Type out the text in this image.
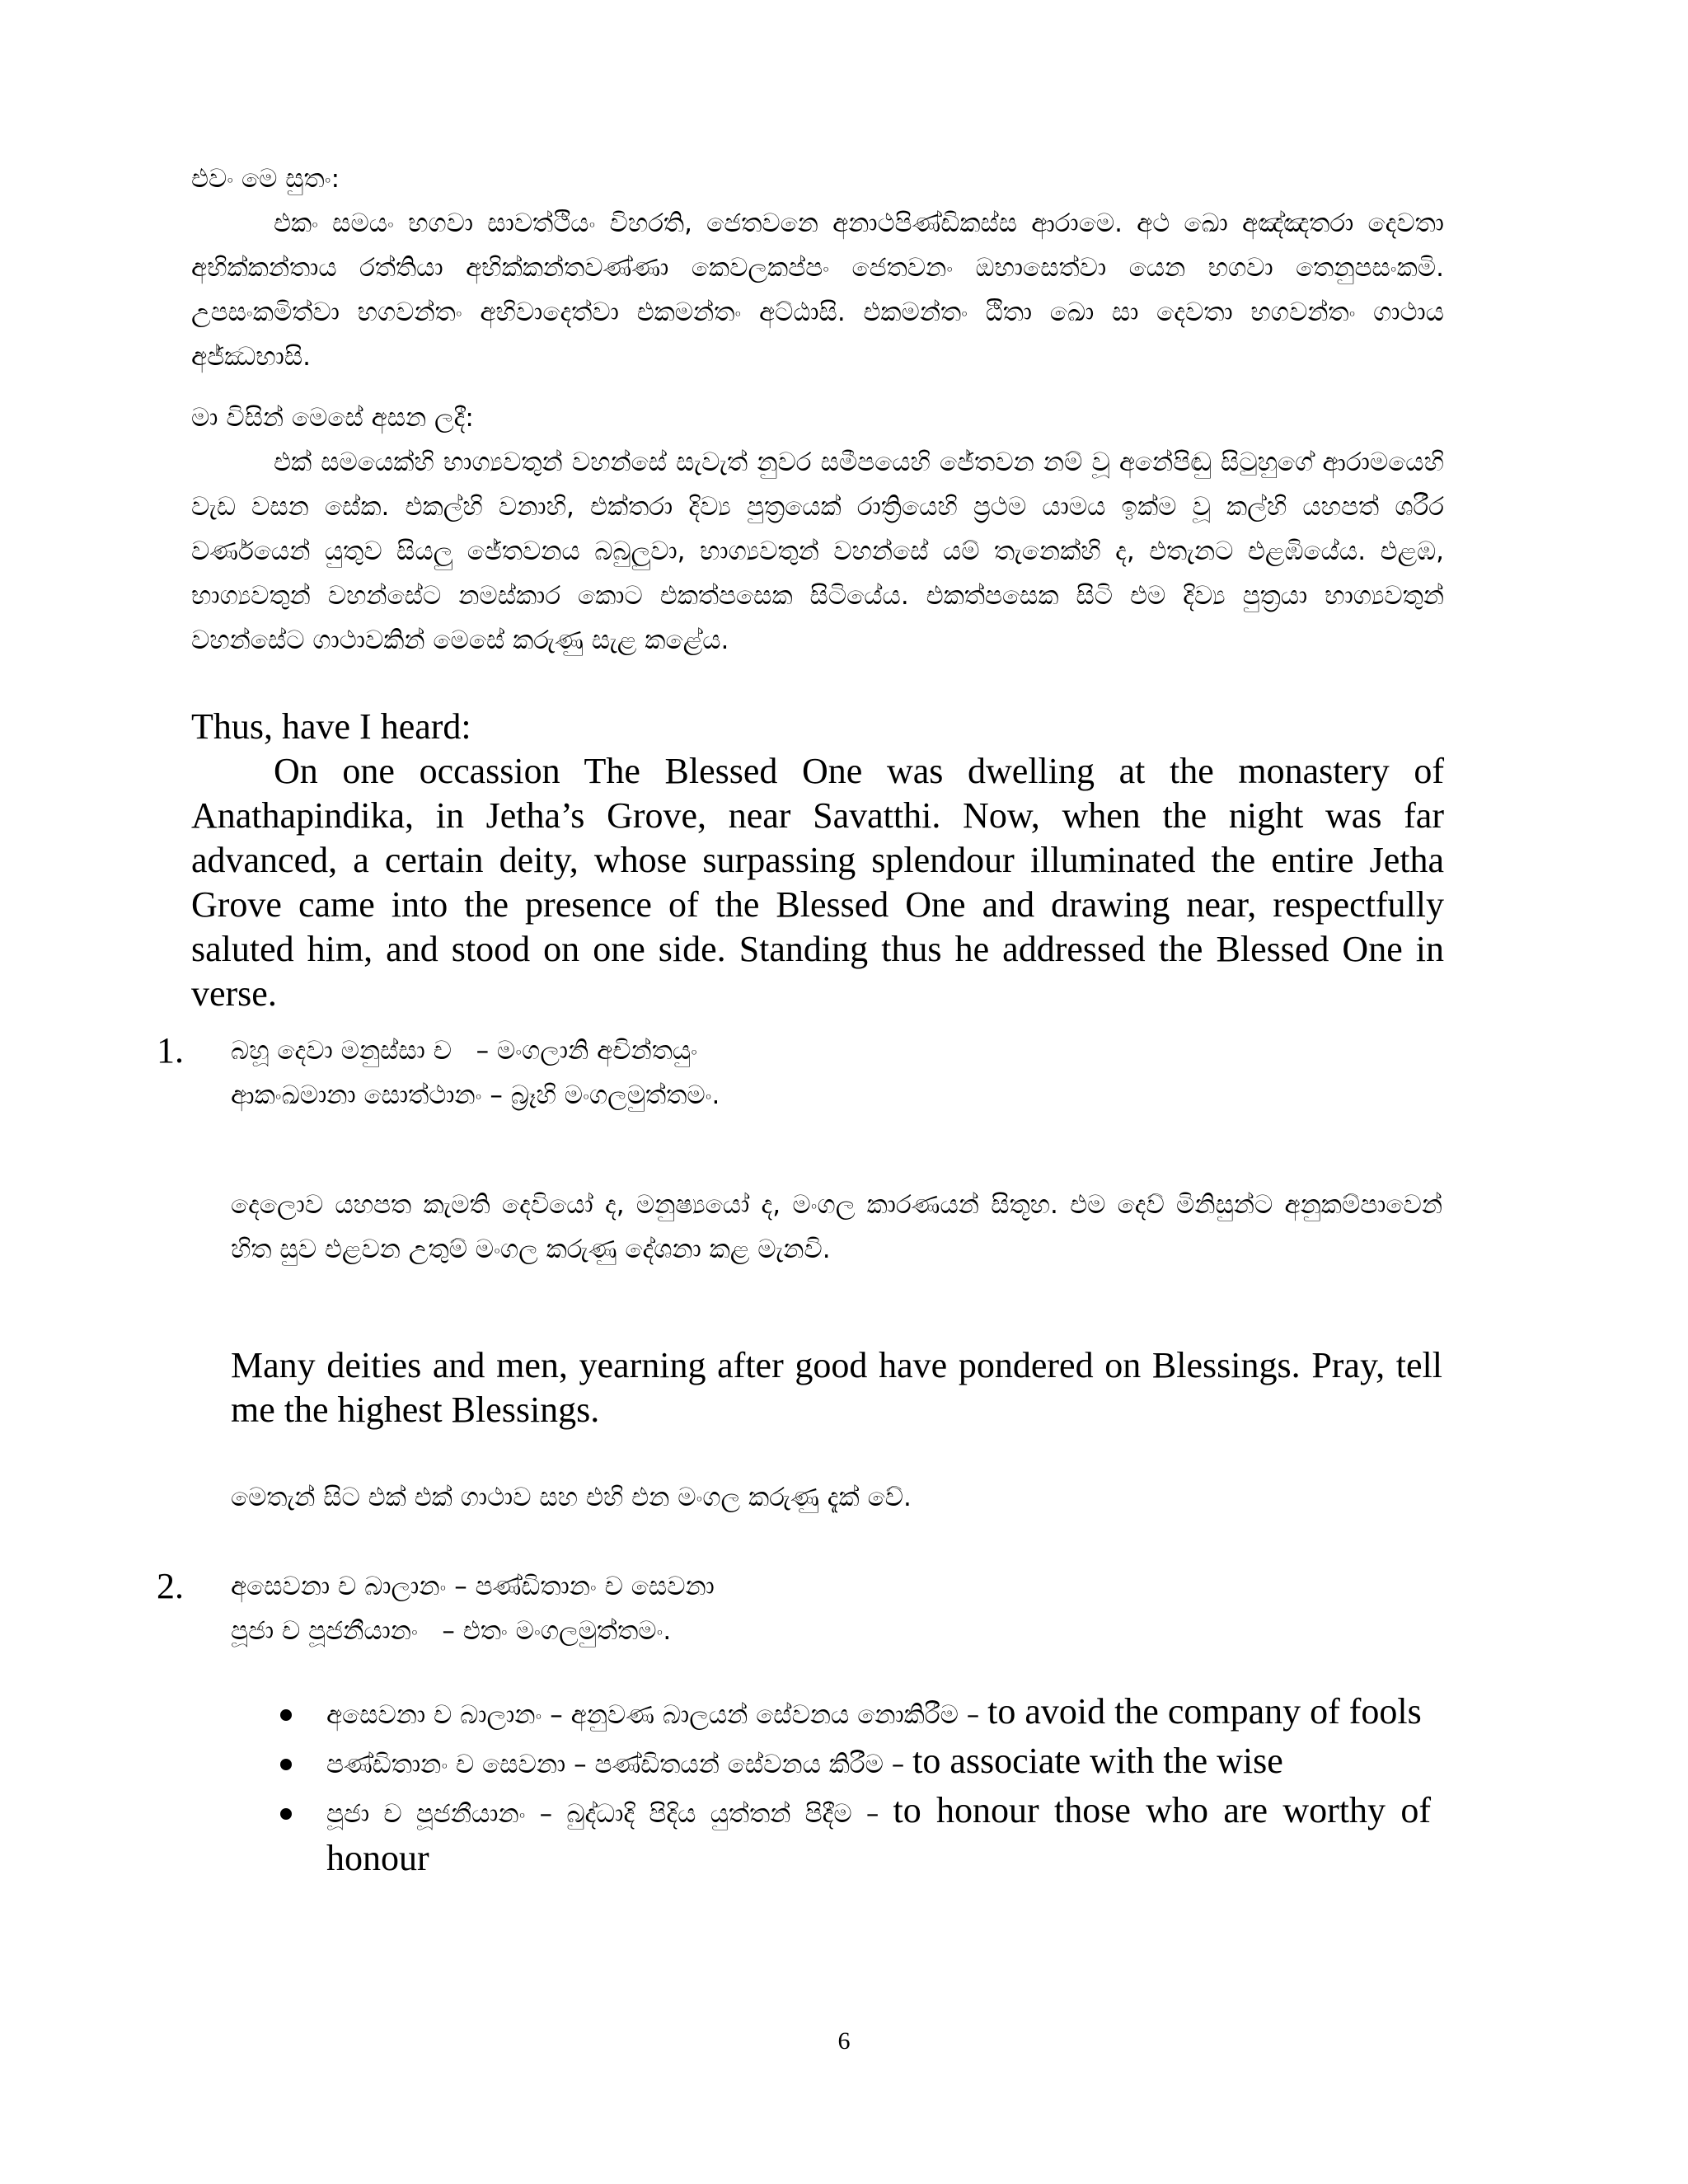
එවං මෙ සුතං:

එකං සමයං භගවා සාවත්ථියං විහරති, ජෙතවනෙ අනාථපිණ්ඩිකස්ස ආරාමෙ. අථ ඛො අඤ්ඤතරා දෙවතා අභික්කන්තාය රත්තියා අභික්කන්තවණ්ණා කෙවලකප්පං ජෙතවනං ඔභාසෙත්වා යෙන භගවා තෙනුපසංකමි. උපසංකමිත්වා භගවන්තං අභිවාදෙත්වා එකමන්තං අට්ඨාසි. එකමන්තං ඨිතා ඛො සා දෙවතා භගවන්තං ගාථාය අජ්ඣභාසි.

මා විසින් මෙසේ අසන ලදී:

එක් සමයෙක්හි භාග්‍යවතුන් වහන්සේ සැවැත් නුවර සමීපයෙහි ජේතවන නම් වූ අනේපිඬු සිටුහුගේ ආරාමයෙහි වැඩ වසන සේක. එකල්හි වනාහි, එක්තරා දිව්‍ය පුත්‍රයෙක් රාත්‍රියෙහි ප්‍රථම යාමය ඉක්ම වූ කල්හි යහපත් ශරීර වර්ණයෙන් යුතුව සියලු ජේතවනය බබුලුවා, භාග්‍යවතුන් වහන්සේ යම් තැනෙක්හි ද, එතැනට එළඹියේය. එළඹ, භාග්‍යවතුන් වහන්සේට නමස්කාර කොට එකත්පසෙක සිටියේය. එකත්පසෙක සිටි එම දිව්‍ය පුත්‍රයා භාග්‍යවතුන් වහන්සේට ගාථාවකින් මෙසේ කරුණු සැළ කළේය.

Thus, have I heard:

On one occassion The Blessed One was dwelling at the monastery of Anathapindika, in Jetha’s Grove, near Savatthi. Now, when the night was far advanced, a certain deity, whose surpassing splendour illuminated the entire Jetha Grove came into the presence of the Blessed One and drawing near, respectfully saluted him, and stood on one side. Standing thus he addressed the Blessed One in verse.

1. බහූ දෙවා මනුස්සා ච   – මංගලානි අචින්තයුං
ආකංඛමානා සොත්ථානං – බ්‍රෑහි මංගලමුත්තමං.

දෙලොව යහපත කැමති දෙවියෝ ද, මනුෂ්‍යයෝ ද, මංගල කාරණයන් සිතූහ. එම දෙව් මිනිසුන්ට අනුකම්පාවෙන් හිත සුව එළවන උතුම් මංගල කරුණු දේශනා කළ මැනවි.

Many deities and men, yearning after good have pondered on Blessings. Pray, tell me the highest Blessings.

මෙතැන් සිට එක් එක් ගාථාව සහ එහි එන මංගල කරුණු දැක් වේ.

2. අසෙවනා ච බාලානං – පණ්ඩිතානං ච සෙවනා
පූජා ච පූජනීයානං   – එතං මංගලමුත්තමං.
අසෙවනා ච බාලානං – අනුවණ බාලයන් සේවනය නොකිරීම – to avoid the company of fools
පණ්ඩිතානං ච සෙවනා – පණ්ඩිතයන් සේවනය කිරීම – to associate with the wise
පූජා ච පූජනීයානං – බුද්ධාදි පිදිය යුත්තන් පිදීම – to honour those who are worthy of honour
6
